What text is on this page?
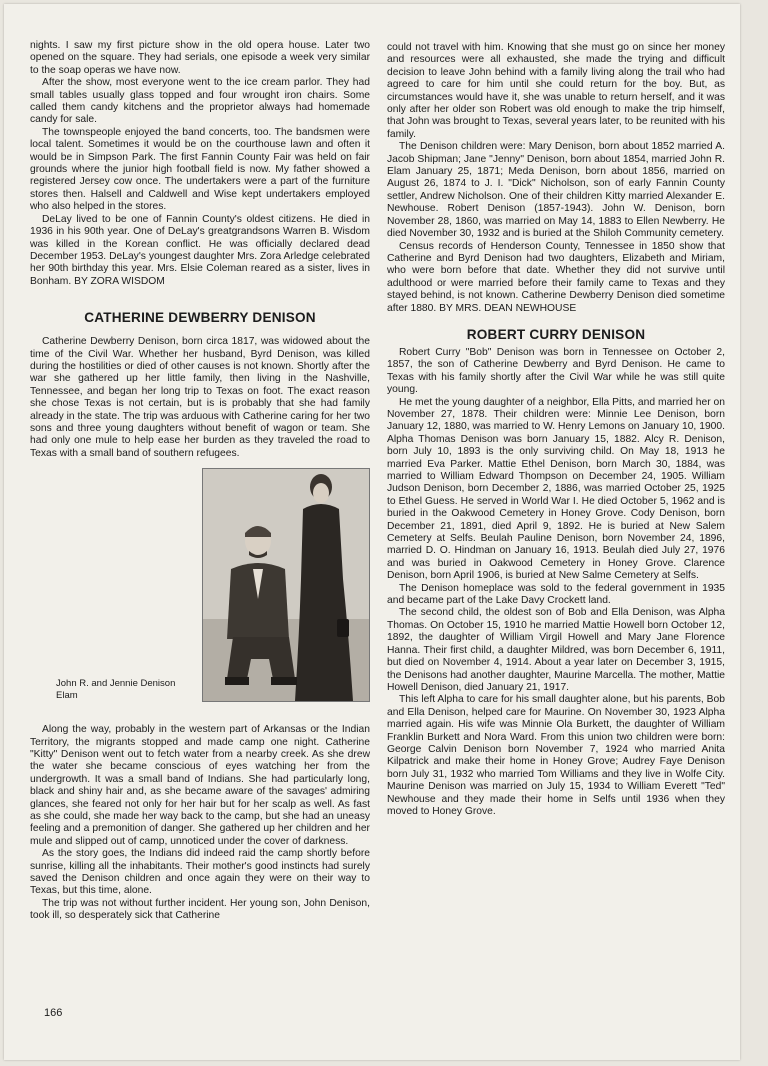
nights. I saw my first picture show in the old opera house. Later two opened on the square. They had serials, one episode a week very similar to the soap operas we have now.

After the show, most everyone went to the ice cream parlor. They had small tables usually glass topped and four wrought iron chairs. Some called them candy kitchens and the proprietor always had homemade candy for sale.

The townspeople enjoyed the band concerts, too. The bandsmen were local talent. Sometimes it would be on the courthouse lawn and often it would be in Simpson Park. The first Fannin County Fair was held on fair grounds where the junior high football field is now. My father showed a registered Jersey cow once. The undertakers were a part of the furniture stores then. Halsell and Caldwell and Wise kept undertakers employed who also helped in the stores.

DeLay lived to be one of Fannin County's oldest citizens. He died in 1936 in his 90th year. One of DeLay's greatgrandsons Warren B. Wisdom was killed in the Korean conflict. He was officially declared dead December 1953. DeLay's youngest daughter Mrs. Zora Arledge celebrated her 90th birthday this year. Mrs. Elsie Coleman reared as a sister, lives in Bonham. BY ZORA WISDOM

CATHERINE DEWBERRY DENISON

Catherine Dewberry Denison, born circa 1817, was widowed about the time of the Civil War. Whether her husband, Byrd Denison, was killed during the hostilities or died of other causes is not known. Shortly after the war she gathered up her little family, then living in the Nashville, Tennessee, and began her long trip to Texas on foot. The exact reason she chose Texas is not certain, but is is probably that she had family already in the state. The trip was arduous with Catherine caring for her two sons and three young daughters without benefit of wagon or team. She had only one mule to help ease her burden as they traveled the road to Texas with a small band of southern refugees.

John R. and Jennie Denison Elam

Along the way, probably in the western part of Arkansas or the Indian Territory, the migrants stopped and made camp one night. Catherine "Kitty" Denison went out to fetch water from a nearby creek. As she drew the water she became conscious of eyes watching her from the undergrowth. It was a small band of Indians. She had particularly long, black and shiny hair and, as she became aware of the savages' admiring glances, she feared not only for her hair but for her scalp as well. As fast as she could, she made her way back to the camp, but she had an uneasy feeling and a premonition of danger. She gathered up her children and her mule and slipped out of camp, unnoticed under the cover of darkness.

As the story goes, the Indians did indeed raid the camp shortly before sunrise, killing all the inhabitants. Their mother's good instincts had surely saved the Denison children and once again they were on their way to Texas, but this time, alone.

The trip was not without further incident. Her young son, John Denison, took ill, so desperately sick that Catherine

could not travel with him. Knowing that she must go on since her money and resources were all exhausted, she made the trying and difficult decision to leave John behind with a family living along the trail who had agreed to care for him until she could return for the boy. But, as circumstances would have it, she was unable to return herself, and it was only after her older son Robert was old enough to make the trip himself, that John was brought to Texas, several years later, to be reunited with his family.

The Denison children were: Mary Denison, born about 1852 married A. Jacob Shipman; Jane "Jenny" Denison, born about 1854, married John R. Elam January 25, 1871; Meda Denison, born about 1856, married on August 26, 1874 to J. I. "Dick" Nicholson, son of early Fannin County settler, Andrew Nicholson. One of their children Kitty married Alexander E. Newhouse. Robert Denison (1857-1943). John W. Denison, born November 28, 1860, was married on May 14, 1883 to Ellen Newberry. He died November 30, 1932 and is buried at the Shiloh Community cemetery.

Census records of Henderson County, Tennessee in 1850 show that Catherine and Byrd Denison had two daughters, Elizabeth and Miriam, who were born before that date. Whether they did not survive until adulthood or were married before their family came to Texas and they stayed behind, is not known. Catherine Dewberry Denison died sometime after 1880. BY MRS. DEAN NEWHOUSE

ROBERT CURRY DENISON

Robert Curry "Bob" Denison was born in Tennessee on October 2, 1857, the son of Catherine Dewberry and Byrd Denison. He came to Texas with his family shortly after the Civil War while he was still quite young.

He met the young daughter of a neighbor, Ella Pitts, and married her on November 27, 1878. Their children were: Minnie Lee Denison, born January 12, 1880, was married to W. Henry Lemons on January 10, 1900. Alpha Thomas Denison was born January 15, 1882. Alcy R. Denison, born July 10, 1893 is the only surviving child. On May 18, 1913 he married Eva Parker. Mattie Ethel Denison, born March 30, 1884, was married to William Edward Thompson on December 24, 1905. William Judson Denison, born December 2, 1886, was married October 25, 1925 to Ethel Guess. He served in World War I. He died October 5, 1962 and is buried in the Oakwood Cemetery in Honey Grove. Cody Denison, born December 21, 1891, died April 9, 1892. He is buried at New Salem Cemetery at Selfs. Beulah Pauline Denison, born November 24, 1896, married D. O. Hindman on January 16, 1913. Beulah died July 27, 1976 and was buried in Oakwood Cemetery in Honey Grove. Clarence Denison, born April 1906, is buried at New Salme Cemetery at Selfs.

The Denison homeplace was sold to the federal government in 1935 and became part of the Lake Davy Crockett land.

The second child, the oldest son of Bob and Ella Denison, was Alpha Thomas. On October 15, 1910 he married Mattie Howell born October 12, 1892, the daughter of William Virgil Howell and Mary Jane Florence Hanna. Their first child, a daughter Mildred, was born December 6, 1911, but died on November 4, 1914. About a year later on December 3, 1915, the Denisons had another daughter, Maurine Marcella. The mother, Mattie Howell Denison, died January 21, 1917.

This left Alpha to care for his small daughter alone, but his parents, Bob and Ella Denison, helped care for Maurine. On November 30, 1923 Alpha married again. His wife was Minnie Ola Burkett, the daughter of William Franklin Burkett and Nora Ward. From this union two children were born: George Calvin Denison born November 7, 1924 who married Anita Kilpatrick and make their home in Honey Grove; Audrey Faye Denison born July 31, 1932 who married Tom Williams and they live in Wolfe City. Maurine Denison was married on July 15, 1934 to William Everett "Ted" Newhouse and they made their home in Selfs until 1936 when they moved to Honey Grove.

166
